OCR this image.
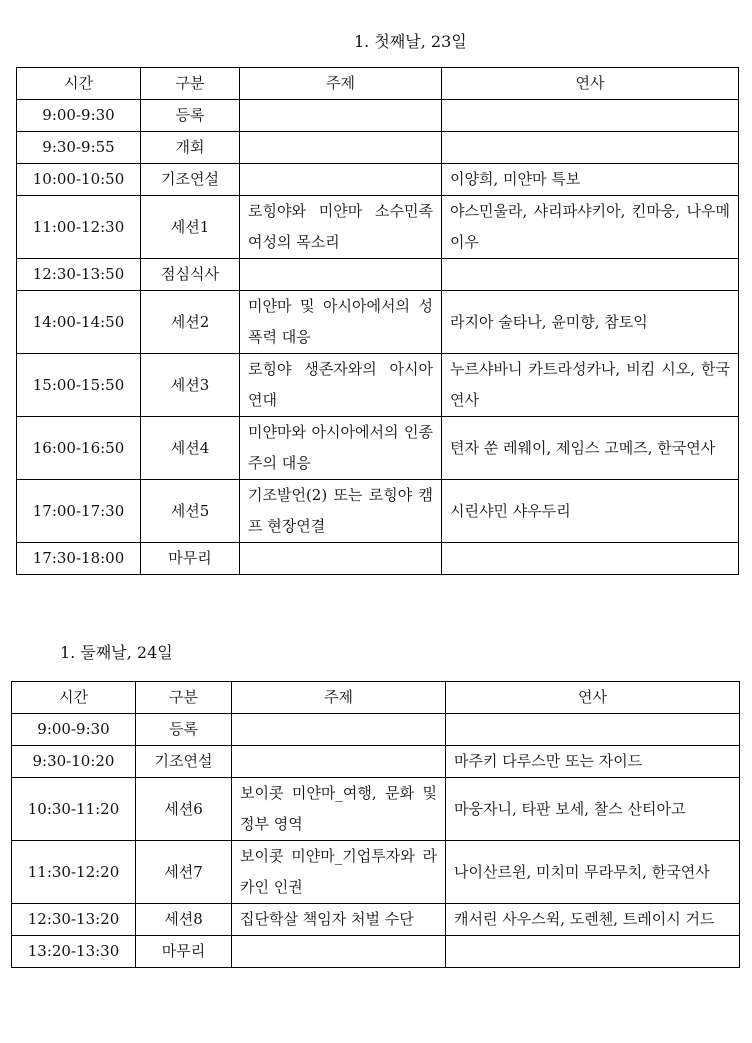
1. 첫째날, 23일
시간	구분	주제	연사
9:00-9:30	등록		
9:30-9:55	개회		
10:00-10:50	기조연설		이양희, 미얀마 특보
11:00-12:30	세션1	로힝야와 미얀마 소수민족 여성의 목소리	야스민울라, 샤리파샤키아, 킨마웅, 나우메이우
12:30-13:50	점심식사		
14:00-14:50	세션2	미얀마 및 아시아에서의 성폭력 대응	라지아 술타나, 윤미향, 참토익
15:00-15:50	세션3	로힝야 생존자와의 아시아 연대	누르샤바니 카트라성카나, 비킴 시오, 한국연사
16:00-16:50	세션4	미얀마와 아시아에서의 인종주의 대응	텬자 쑨 레웨이, 제임스 고메즈, 한국연사
17:00-17:30	세션5	기조발언(2) 또는 로힝야 캠프 현장연결	시린샤민 샤우두리
17:30-18:00	마무리		
1. 둘째날, 24일
시간	구분	주제	연사
9:00-9:30	등록		
9:30-10:20	기조연설		마주키 다루스만 또는 자이드
10:30-11:20	세션6	보이콧 미얀마_여행, 문화 및 정부 영역	마웅자니, 타판 보세, 찰스 산티아고
11:30-12:20	세션7	보이콧 미얀마_기업투자와 라카인 인권	나이산르윈, 미치미 무라무치, 한국연사
12:30-13:20	세션8	집단학살 책임자 처벌 수단	캐서린 사우스윅, 도렌첸, 트레이시 거드
13:20-13:30	마무리		
